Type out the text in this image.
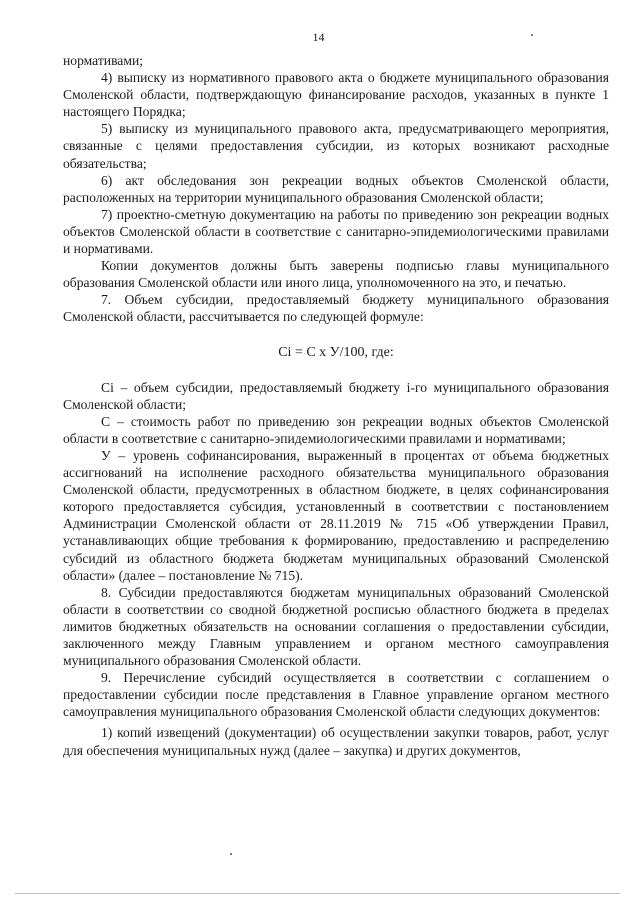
14

нормативами;

4) выписку из нормативного правового акта о бюджете муниципального образования Смоленской области, подтверждающую финансирование расходов, указанных в пункте 1 настоящего Порядка;

5) выписку из муниципального правового акта, предусматривающего мероприятия, связанные с целями предоставления субсидии, из которых возникают расходные обязательства;

6) акт обследования зон рекреации водных объектов Смоленской области, расположенных на территории муниципального образования Смоленской области;

7) проектно-сметную документацию на работы по приведению зон рекреации водных объектов Смоленской области в соответствие с санитарно-эпидемиологическими правилами и нормативами.

Копии документов должны быть заверены подписью главы муниципального образования Смоленской области или иного лица, уполномоченного на это, и печатью.

7. Объем субсидии, предоставляемый бюджету муниципального образования Смоленской области, рассчитывается по следующей формуле:

Ci = С х У/100, где:

Ci – объем субсидии, предоставляемый бюджету i-го муниципального образования Смоленской области;

С – стоимость работ по приведению зон рекреации водных объектов Смоленской области в соответствие с санитарно-эпидемиологическими правилами и нормативами;

У – уровень софинансирования, выраженный в процентах от объема бюджетных ассигнований на исполнение расходного обязательства муниципального образования Смоленской области, предусмотренных в областном бюджете, в целях софинансирования которого предоставляется субсидия, установленный в соответствии с постановлением Администрации Смоленской области от 28.11.2019 № 715 «Об утверждении Правил, устанавливающих общие требования к формированию, предоставлению и распределению субсидий из областного бюджета бюджетам муниципальных образований Смоленской области» (далее – постановление № 715).

8. Субсидии предоставляются бюджетам муниципальных образований Смоленской области в соответствии со сводной бюджетной росписью областного бюджета в пределах лимитов бюджетных обязательств на основании соглашения о предоставлении субсидии, заключенного между Главным управлением и органом местного самоуправления муниципального образования Смоленской области.

9. Перечисление субсидий осуществляется в соответствии с соглашением о предоставлении субсидии после представления в Главное управление органом местного самоуправления муниципального образования Смоленской области следующих документов:

1) копий извещений (документации) об осуществлении закупки товаров, работ, услуг для обеспечения муниципальных нужд (далее – закупка) и других документов,
